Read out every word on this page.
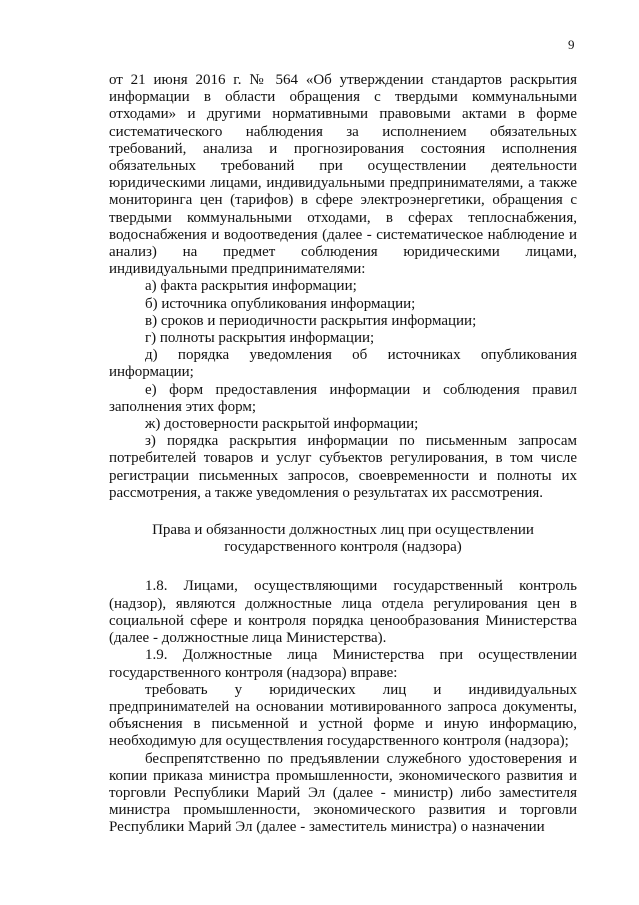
9

от 21 июня 2016 г. № 564 «Об утверждении стандартов раскрытия информации в области обращения с твердыми коммунальными отходами» и другими нормативными правовыми актами в форме систематического наблюдения за исполнением обязательных требований, анализа и прогнозирования состояния исполнения обязательных требований при осуществлении деятельности юридическими лицами, индивидуальными предпринимателями, а также мониторинга цен (тарифов) в сфере электроэнергетики, обращения с твердыми коммунальными отходами, в сферах теплоснабжения, водоснабжения и водоотведения (далее - систематическое наблюдение и анализ) на предмет соблюдения юридическими лицами, индивидуальными предпринимателями:

а) факта раскрытия информации;

б) источника опубликования информации;

в) сроков и периодичности раскрытия информации;

г) полноты раскрытия информации;

д) порядка уведомления об источниках опубликования информации;

е) форм предоставления информации и соблюдения правил заполнения этих форм;

ж) достоверности раскрытой информации;

з) порядка раскрытия информации по письменным запросам потребителей товаров и услуг субъектов регулирования, в том числе регистрации письменных запросов, своевременности и полноты их рассмотрения, а также уведомления о результатах их рассмотрения.

Права и обязанности должностных лиц при осуществлении государственного контроля (надзора)

1.8. Лицами, осуществляющими государственный контроль (надзор), являются должностные лица отдела регулирования цен в социальной сфере и контроля порядка ценообразования Министерства (далее - должностные лица Министерства).

1.9. Должностные лица Министерства при осуществлении государственного контроля (надзора) вправе:

требовать у юридических лиц и индивидуальных предпринимателей на основании мотивированного запроса документы, объяснения в письменной и устной форме и иную информацию, необходимую для осуществления государственного контроля (надзора);

беспрепятственно по предъявлении служебного удостоверения и копии приказа министра промышленности, экономического развития и торговли Республики Марий Эл (далее - министр) либо заместителя министра промышленности, экономического развития и торговли Республики Марий Эл (далее - заместитель министра) о назначении
